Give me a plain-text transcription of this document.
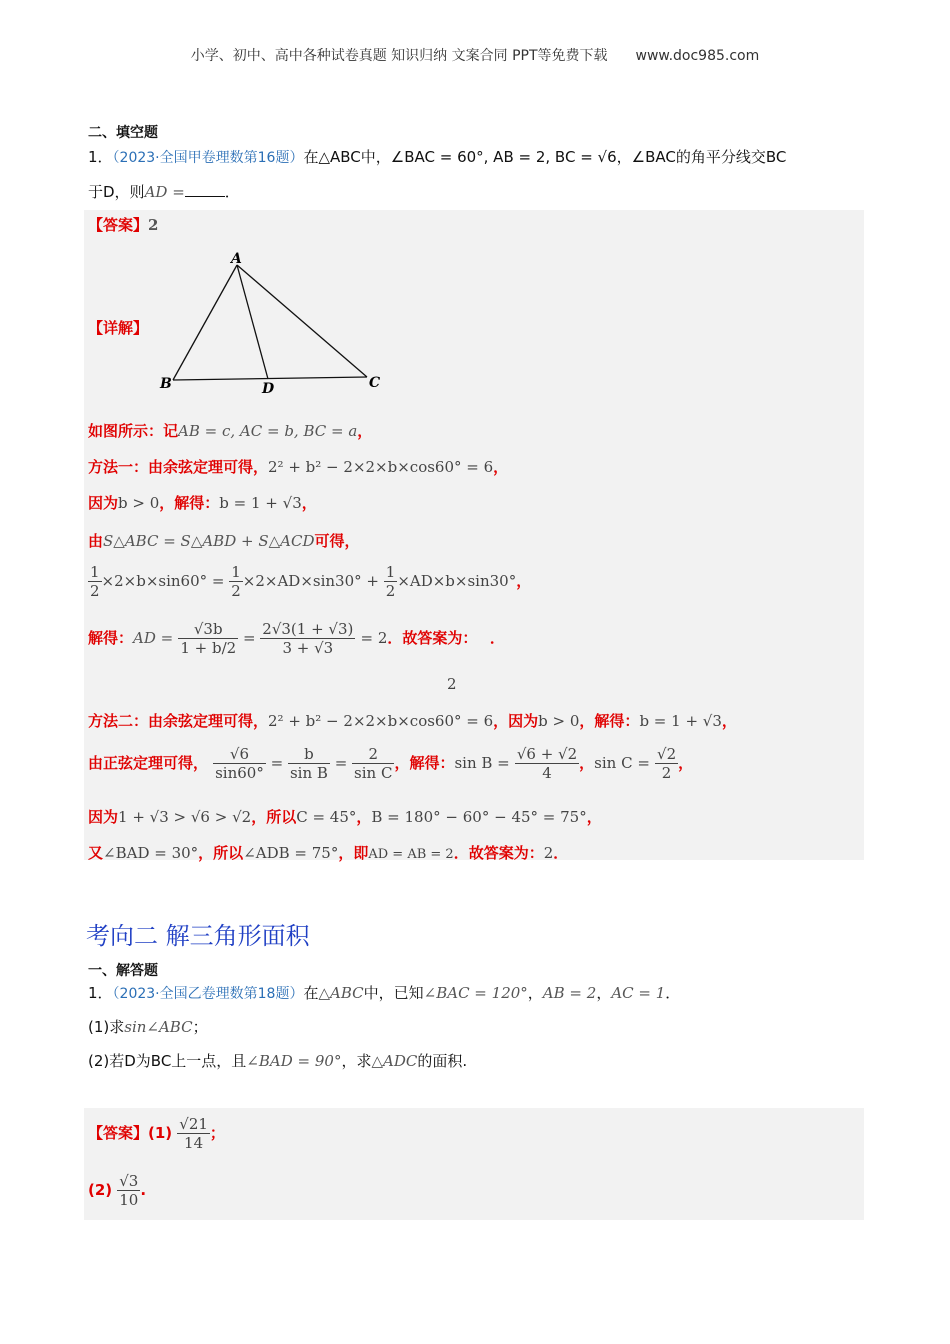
小学、初中、高中各种试卷真题 知识归纳 文案合同 PPT等免费下载　　www.doc985.com
二、填空题
1．（2023·全国甲卷理数第16题）在△ABC中，∠BAC = 60°, AB = 2, BC = √6，∠BAC的角平分线交BC
于D，则AD =	．
【答案】2
A
B	D	C
【详解】
如图所示：记AB = c, AC = b, BC = a，
方法一：由余弦定理可得，2² + b² − 2×2×b×cos60° = 6，
因为b > 0，解得：b = 1 + √3，
由S△ABC = S△ABD + S△ACD可得，
$\frac{1}{2} \times 2\times b\times\sin 60^\circ = \frac{1}{2} \times 2\times AD\times\sin 30^\circ + \frac{1}{2} \times AD\times b\times\sin 30^\circ$，
解得：AD = $\frac{√3b}{1 + b/2} = \frac{2√3(1 + √3)}{3 + √3} = 2$．故答案为： ．
2
方法二：由余弦定理可得，2² + b² − 2×2×b×cos60° = 6，因为b > 0，解得：b = 1 + √3，
由正弦定理可得， $\frac{√6}{\sin 60^\circ} = \frac{b}{\text{sin B}} = \frac{2}{\text{sin C}}$ ，解得：$\sin B = \frac{√6 + √2}{4}$ ，$\sin C = \frac{√2}{2}$ ，
因为1 + √3 > √6 > √2，所以C = 45°，B = 180° − 60° − 45° = 75°，
又∠BAD = 30°，所以∠ADB = 75°，即AD = AB = 2．故答案为：2．
考向二 解三角形面积
一、解答题
1．（2023·全国乙卷理数第18题）在△ABC中，已知∠BAC = 120°，AB = 2，AC = 1．
(1)求sin∠ABC；
(2)若D为BC上一点，且∠BAD = 90°，求△ADC的面积.
【答案】$(1) \frac{√21}{14}$ ；
$(2) \frac{√3}{10}$ .
